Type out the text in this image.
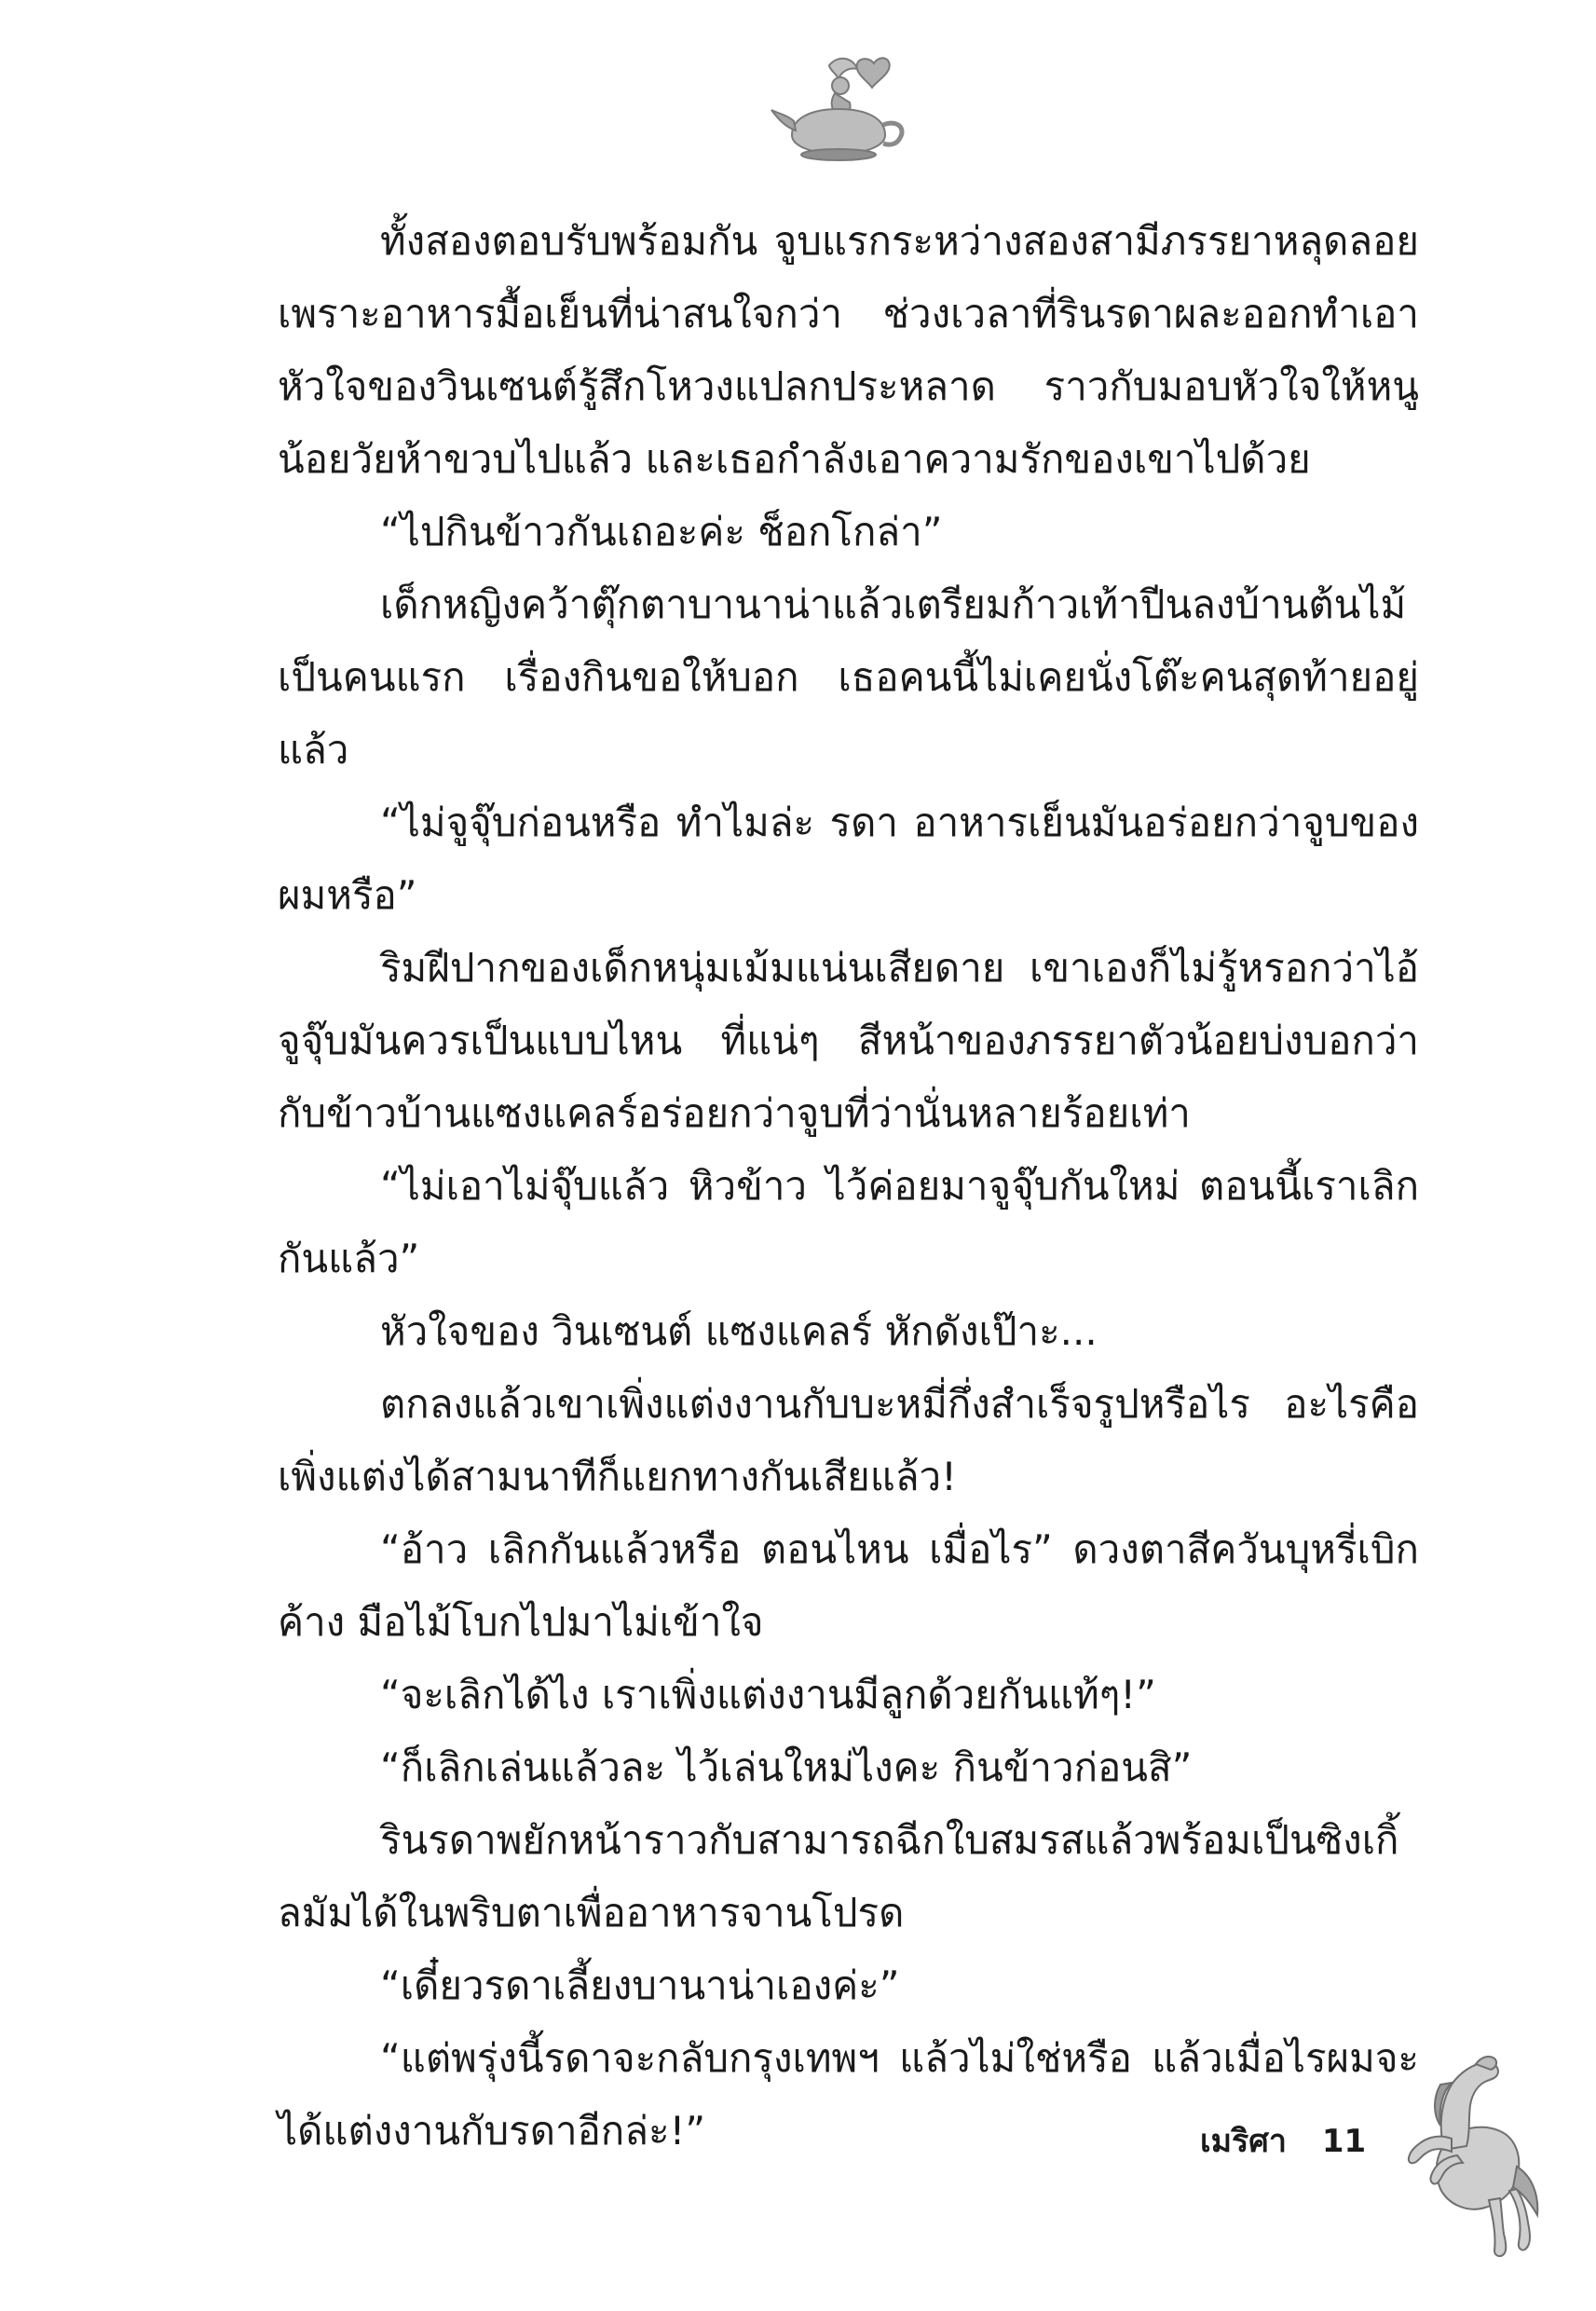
ทั้งสองตอบรับพร้อมกัน จูบแรกระหว่างสองสามีภรรยาหลุดลอยเพราะอาหารมื้อเย็นที่น่าสนใจกว่า ช่วงเวลาที่รินรดาผละออกทำเอาหัวใจของวินเซนต์รู้สึกโหวงแปลกประหลาด ราวกับมอบหัวใจให้หนูน้อยวัยห้าขวบไปแล้ว และเธอกำลังเอาความรักของเขาไปด้วย

“ไปกินข้าวกันเถอะค่ะ ช็อกโกล่า”

เด็กหญิงคว้าตุ๊กตาบานาน่าแล้วเตรียมก้าวเท้าปีนลงบ้านต้นไม้เป็นคนแรก เรื่องกินขอให้บอก เธอคนนี้ไม่เคยนั่งโต๊ะคนสุดท้ายอยู่แล้ว

“ไม่จูจุ๊บก่อนหรือ ทำไมล่ะ รดา อาหารเย็นมันอร่อยกว่าจูบของผมหรือ”

ริมฝีปากของเด็กหนุ่มเม้มแน่นเสียดาย เขาเองก็ไม่รู้หรอกว่าไอ้จูจุ๊บมันควรเป็นแบบไหน ที่แน่ๆ สีหน้าของภรรยาตัวน้อยบ่งบอกว่ากับข้าวบ้านแซงแคลร์อร่อยกว่าจูบที่ว่านั่นหลายร้อยเท่า

“ไม่เอาไม่จุ๊บแล้ว หิวข้าว ไว้ค่อยมาจูจุ๊บกันใหม่ ตอนนี้เราเลิกกันแล้ว”

หัวใจของ วินเซนต์ แซงแคลร์ หักดังเป๊าะ...

ตกลงแล้วเขาเพิ่งแต่งงานกับบะหมี่กึ่งสำเร็จรูปหรือไร อะไรคือเพิ่งแต่งได้สามนาทีก็แยกทางกันเสียแล้ว!

“อ้าว เลิกกันแล้วหรือ ตอนไหน เมื่อไร” ดวงตาสีควันบุหรี่เบิกค้าง มือไม้โบกไปมาไม่เข้าใจ

“จะเลิกได้ไง เราเพิ่งแต่งงานมีลูกด้วยกันแท้ๆ!”

“ก็เลิกเล่นแล้วละ ไว้เล่นใหม่ไงคะ กินข้าวก่อนสิ”

รินรดาพยักหน้าราวกับสามารถฉีกใบสมรสแล้วพร้อมเป็นซิงเกิ้ลมัมได้ในพริบตาเพื่ออาหารจานโปรด

“เดี๋ยวรดาเลี้ยงบานาน่าเองค่ะ”

“แต่พรุ่งนี้รดาจะกลับกรุงเทพฯ แล้วไม่ใช่หรือ แล้วเมื่อไรผมจะได้แต่งงานกับรดาอีกล่ะ!”	เมริศา 11
